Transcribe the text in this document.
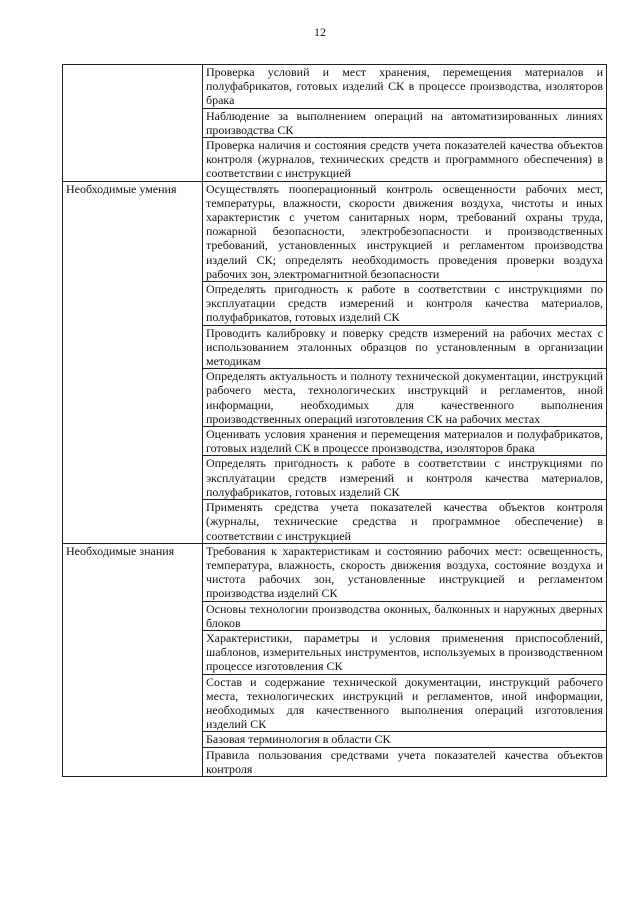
12
	Проверка условий и мест хранения, перемещения материалов и полуфабрикатов, готовых изделий СК в процессе производства, изоляторов брака
	Наблюдение за выполнением операций на автоматизированных линиях производства СК
	Проверка наличия и состояния средств учета показателей качества объектов контроля (журналов, технических средств и программного обеспечения) в соответствии с инструкцией
Необходимые умения	Осуществлять пооперационный контроль освещенности рабочих мест, температуры, влажности, скорости движения воздуха, чистоты и иных характеристик с учетом санитарных норм, требований охраны труда, пожарной безопасности, электробезопасности и производственных требований, установленных инструкцией и регламентом производства изделий СК; определять необходимость проведения проверки воздуха рабочих зон, электромагнитной безопасности
	Определять пригодность к работе в соответствии с инструкциями по эксплуатации средств измерений и контроля качества материалов, полуфабрикатов, готовых изделий СК
	Проводить калибровку и поверку средств измерений на рабочих местах с использованием эталонных образцов по установленным в организации методикам
	Определять актуальность и полноту технической документации, инструкций рабочего места, технологических инструкций и регламентов, иной информации, необходимых для качественного выполнения производственных операций изготовления СК на рабочих местах
	Оценивать условия хранения и перемещения материалов и полуфабрикатов, готовых изделий СК в процессе производства, изоляторов брака
	Определять пригодность к работе в соответствии с инструкциями по эксплуатации средств измерений и контроля качества материалов, полуфабрикатов, готовых изделий СК
	Применять средства учета показателей качества объектов контроля (журналы, технические средства и программное обеспечение) в соответствии с инструкцией
Необходимые знания	Требования к характеристикам и состоянию рабочих мест: освещенность, температура, влажность, скорость движения воздуха, состояние воздуха и чистота рабочих зон, установленные инструкцией и регламентом производства изделий СК
	Основы технологии производства оконных, балконных и наружных дверных блоков
	Характеристики, параметры и условия применения приспособлений, шаблонов, измерительных инструментов, используемых в производственном процессе изготовления СК
	Состав и содержание технической документации, инструкций рабочего места, технологических инструкций и регламентов, иной информации, необходимых для качественного выполнения операций изготовления изделий СК
	Базовая терминология в области СК
	Правила пользования средствами учета показателей качества объектов контроля
